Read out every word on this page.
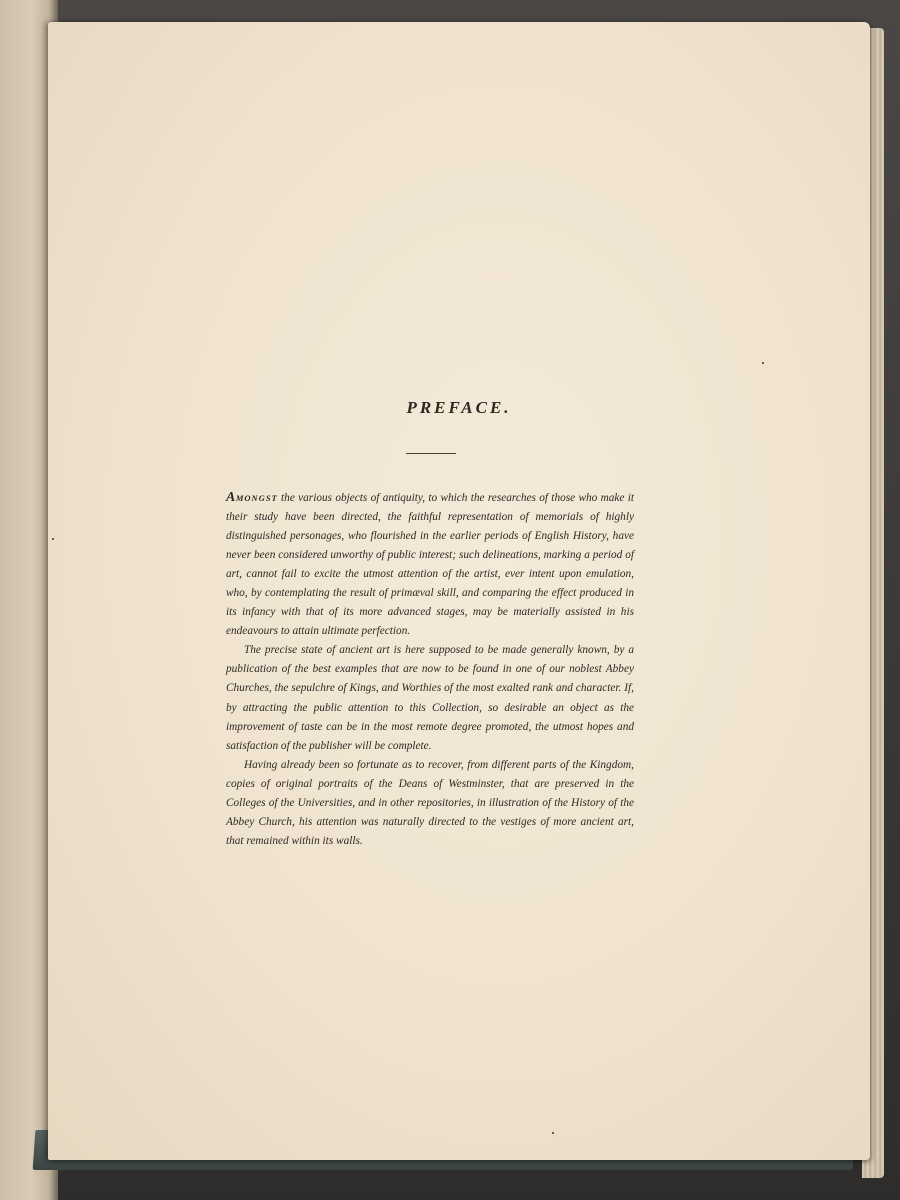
PREFACE.

AMONGST the various objects of antiquity, to which the researches of those who make it their study have been directed, the faithful representation of memorials of highly distinguished personages, who flourished in the earlier periods of English History, have never been considered unworthy of public interest; such delineations, marking a period of art, cannot fail to excite the utmost attention of the artist, ever intent upon emulation, who, by contemplating the result of primæval skill, and comparing the effect produced in its infancy with that of its more advanced stages, may be materially assisted in his endeavours to attain ultimate perfection.

The precise state of ancient art is here supposed to be made generally known, by a publication of the best examples that are now to be found in one of our noblest Abbey Churches, the sepulchre of Kings, and Worthies of the most exalted rank and character. If, by attracting the public attention to this Collection, so desirable an object as the improvement of taste can be in the most remote degree promoted, the utmost hopes and satisfaction of the publisher will be complete.

Having already been so fortunate as to recover, from different parts of the Kingdom, copies of original portraits of the Deans of Westminster, that are preserved in the Colleges of the Universities, and in other repositories, in illustration of the History of the Abbey Church, his attention was naturally directed to the vestiges of more ancient art, that remained within its walls.
